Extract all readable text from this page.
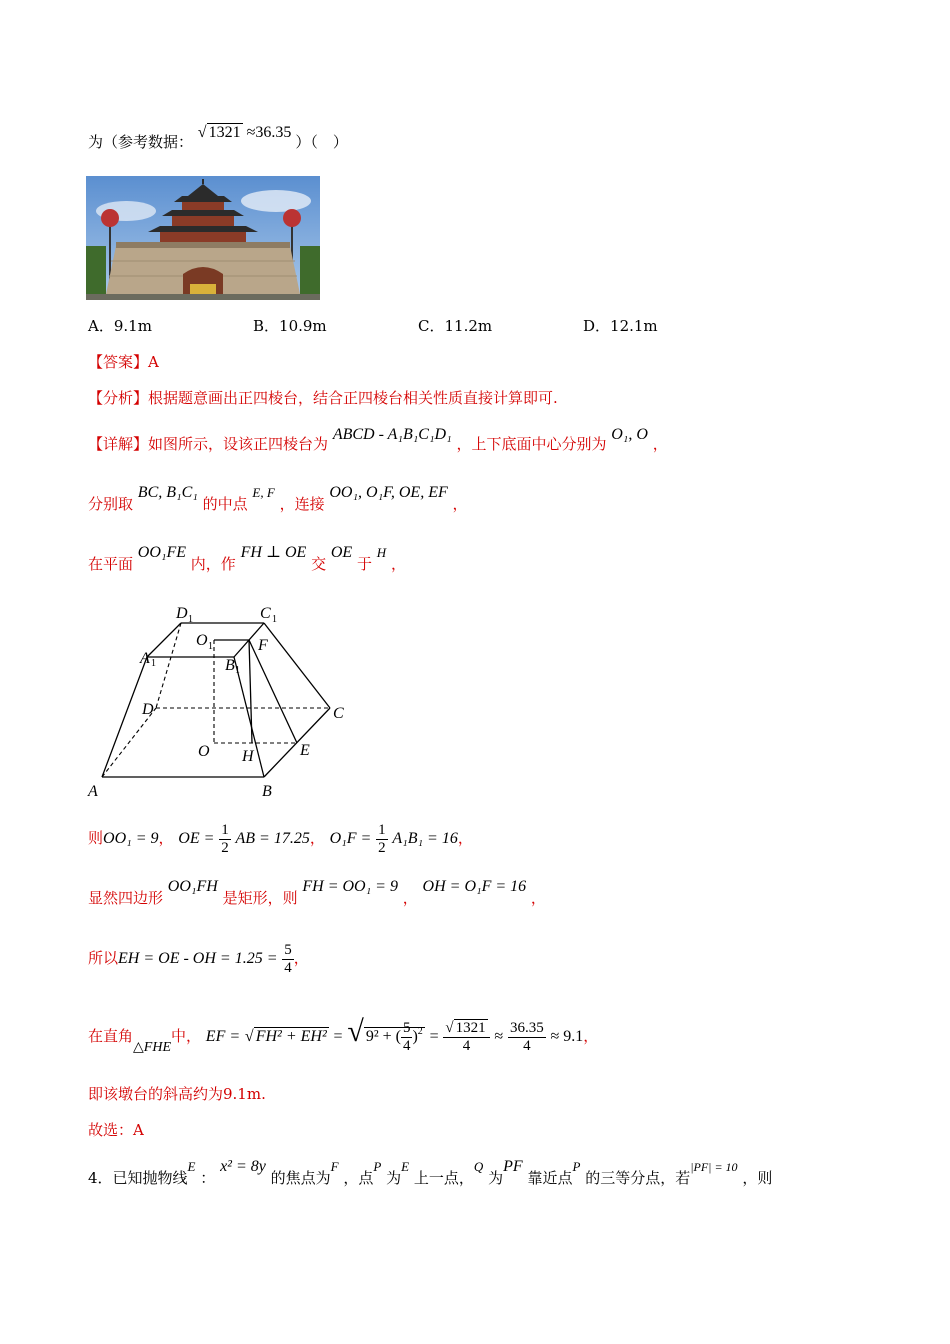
为（参考数据： √ 1321 ≈36.35 ）（　）
A．9.1m	B．10.9m	C．11.2m	D．12.1m
【答案】A
【分析】根据题意画出正四棱台，结合正四棱台相关性质直接计算即可.
【详解】如图所示，设该正四棱台为 ABCD - A₁B₁C₁D₁ ，上下底面中心分别为 O₁, O ，
分别取 BC, B₁C₁ 的中点 E, F ，连接 OO₁, O₁F, OE, EF ，
在平面 OO₁FE 内，作 FH ⊥ OE 交 OE 于 H ，
D 1	C 1
O 1	F
A 1	B 1
D	C
O H	E
A	B
则OO₁ = 9， OE = $\frac{1}{2}$ AB = 17.25， $O_1F = \frac{1}{2} A_1B_1 = 16$，
显然四边形 OO₁FH 是矩形，则 FH = OO₁ = 9 ， OH = O₁F = 16 ，
所以EH = OE - OH = $1.25 = \frac{5}{4}$ ，
在直角△FHE中， EF = √ FH² + EH² = √ 9² + ( $\frac{5}{4} )^2 = \frac{√ 1321}{4} \approx \frac{36.35}{4} \approx 9.1$，
即该墩台的斜高约为9.1m.
故选：A
4．已知抛物线E ： x² = 8y 的焦点为F ，点P 为E 上一点，Q 为PF 靠近点P 的三等分点，若|PF| = 10 ，则
